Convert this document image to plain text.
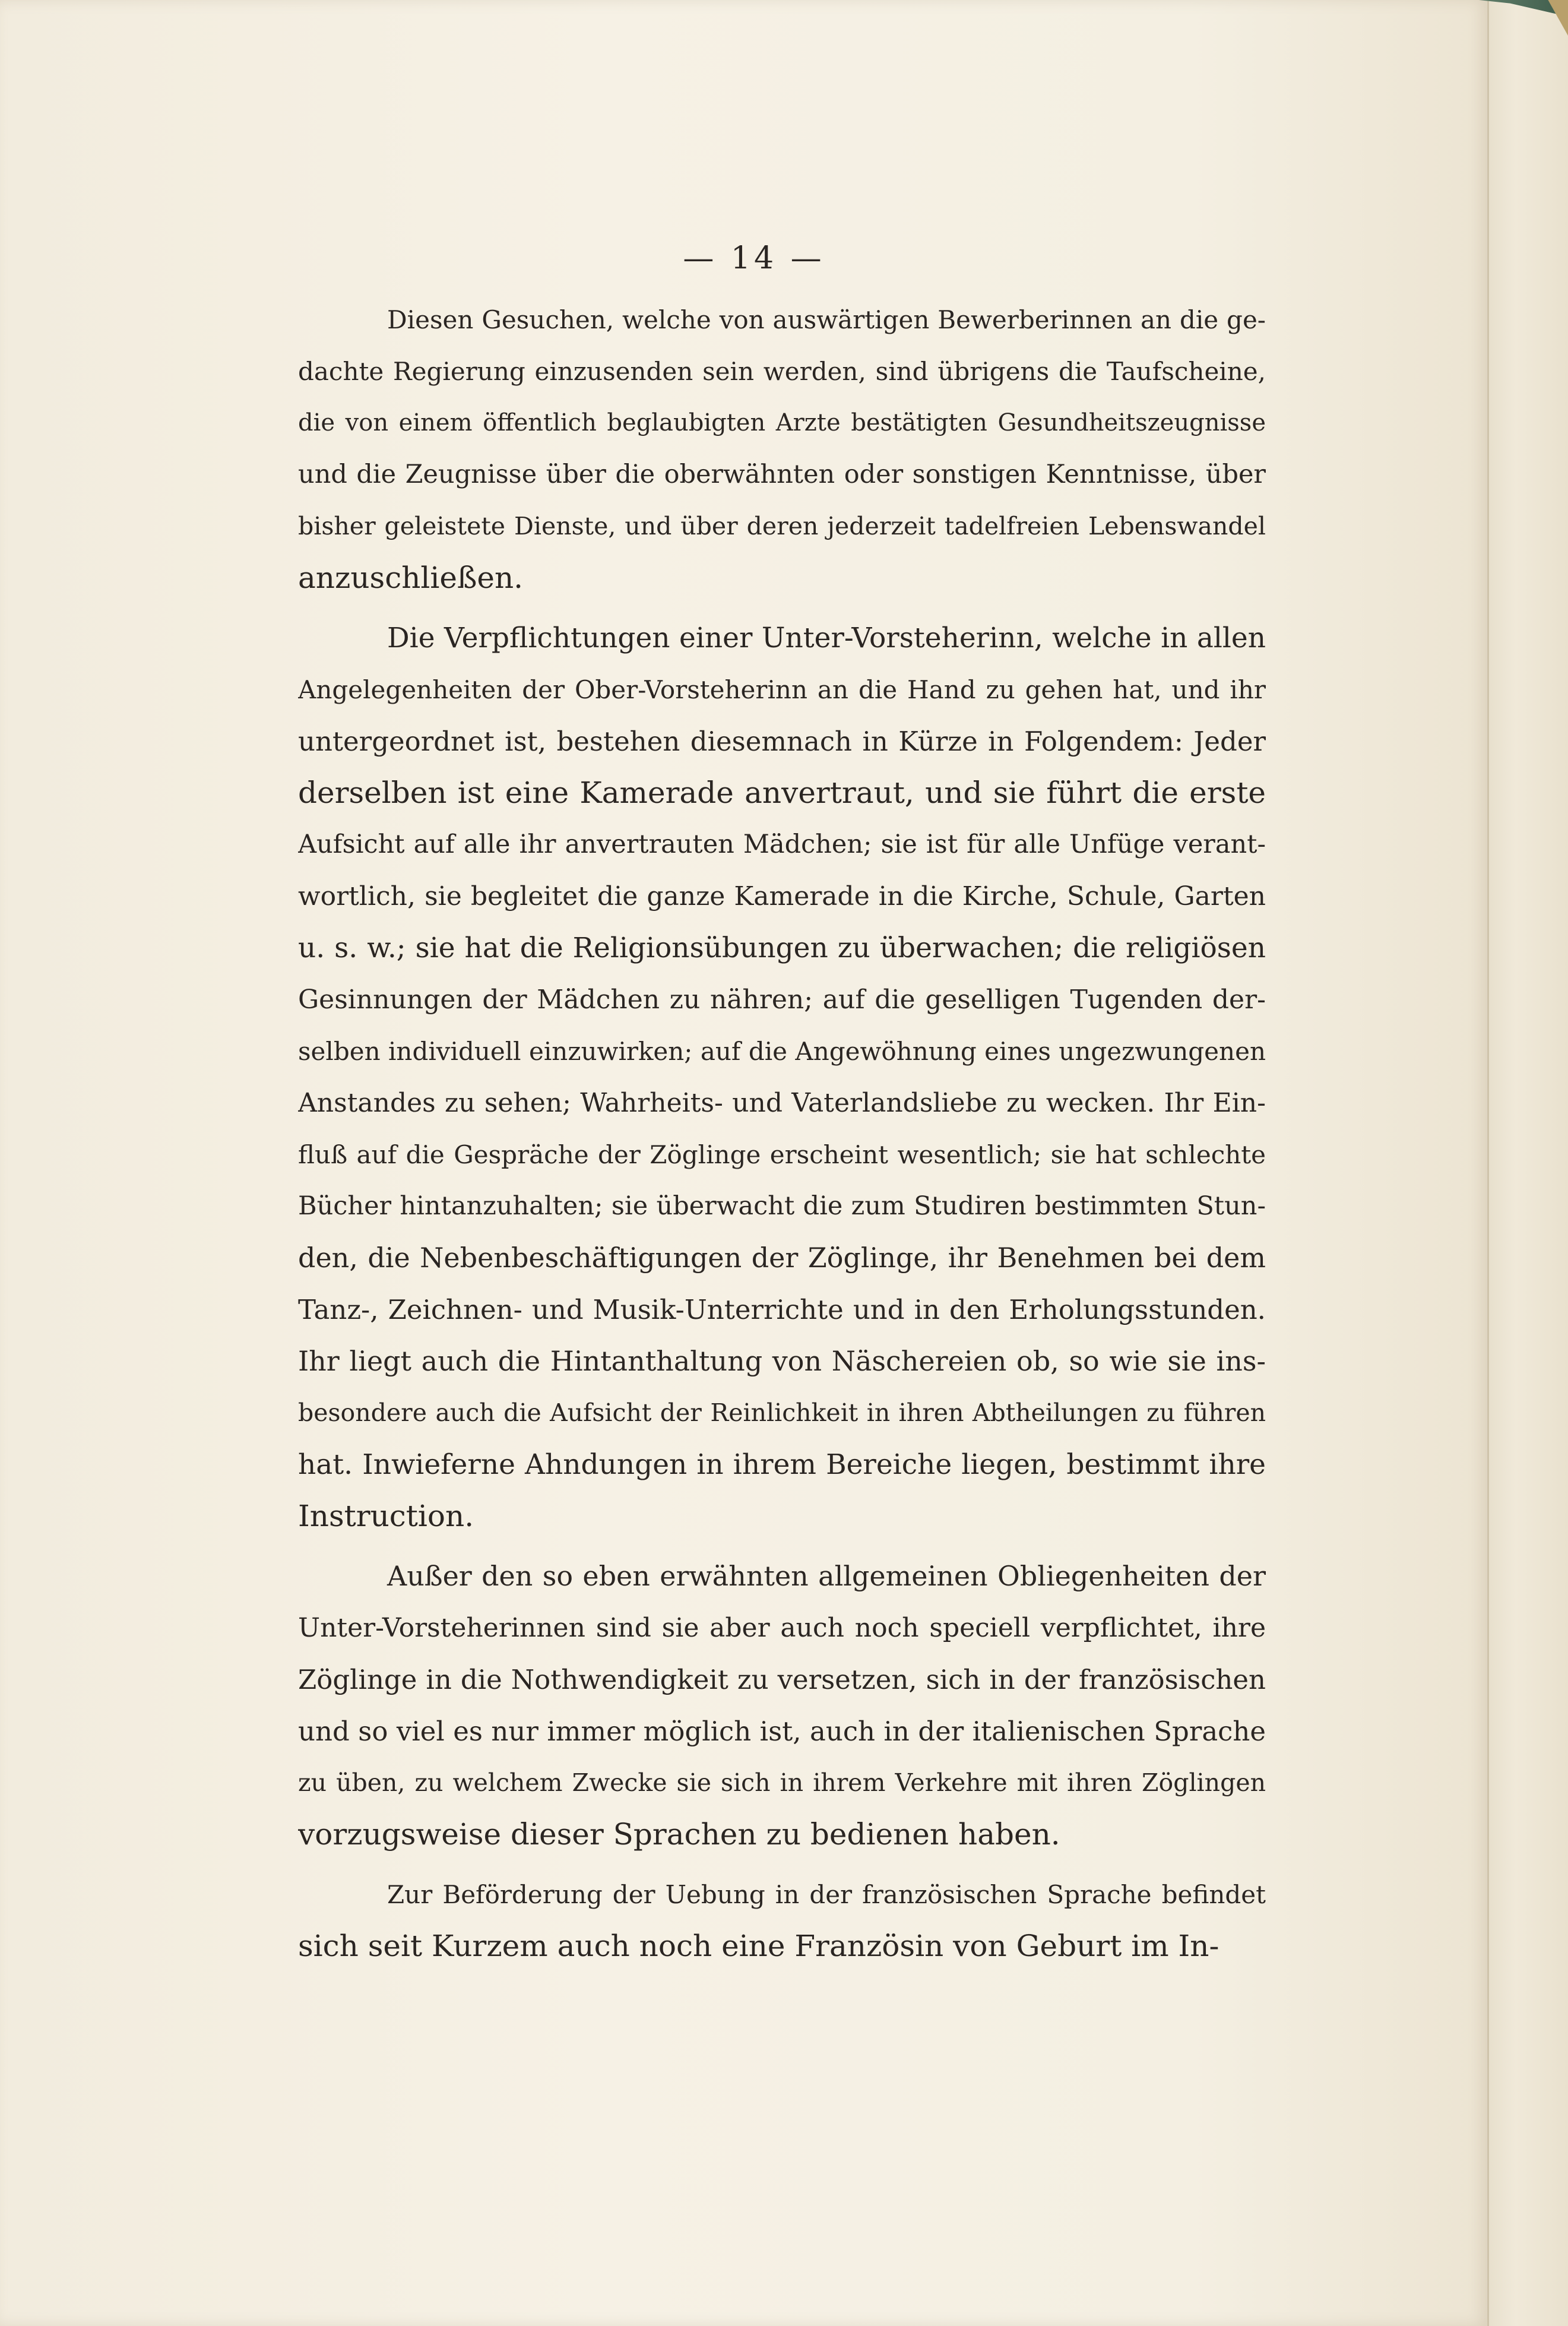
— 14 —
Diesen Gesuchen, welche von auswärtigen Bewerberinnen an die ge-
dachte Regierung einzusenden sein werden, sind übrigens die Taufscheine,
die von einem öffentlich beglaubigten Arzte bestätigten Gesundheitszeugnisse
und die Zeugnisse über die oberwähnten oder sonstigen Kenntnisse, über
bisher geleistete Dienste, und über deren jederzeit tadelfreien Lebenswandel
anzuschließen.
Die Verpflichtungen einer Unter-Vorsteherinn, welche in allen
Angelegenheiten der Ober-Vorsteherinn an die Hand zu gehen hat, und ihr
untergeordnet ist, bestehen diesemnach in Kürze in Folgendem: Jeder
derselben ist eine Kamerade anvertraut, und sie führt die erste
Aufsicht auf alle ihr anvertrauten Mädchen; sie ist für alle Unfüge verant-
wortlich, sie begleitet die ganze Kamerade in die Kirche, Schule, Garten
u. s. w.; sie hat die Religionsübungen zu überwachen; die religiösen
Gesinnungen der Mädchen zu nähren; auf die geselligen Tugenden der-
selben individuell einzuwirken; auf die Angewöhnung eines ungezwungenen
Anstandes zu sehen; Wahrheits- und Vaterlandsliebe zu wecken. Ihr Ein-
fluß auf die Gespräche der Zöglinge erscheint wesentlich; sie hat schlechte
Bücher hintanzuhalten; sie überwacht die zum Studiren bestimmten Stun-
den, die Nebenbeschäftigungen der Zöglinge, ihr Benehmen bei dem
Tanz-, Zeichnen- und Musik-Unterrichte und in den Erholungsstunden.
Ihr liegt auch die Hintanthaltung von Näschereien ob, so wie sie ins-
besondere auch die Aufsicht der Reinlichkeit in ihren Abtheilungen zu führen
hat. Inwieferne Ahndungen in ihrem Bereiche liegen, bestimmt ihre
Instruction.
Außer den so eben erwähnten allgemeinen Obliegenheiten der
Unter-Vorsteherinnen sind sie aber auch noch speciell verpflichtet, ihre
Zöglinge in die Nothwendigkeit zu versetzen, sich in der französischen
und so viel es nur immer möglich ist, auch in der italienischen Sprache
zu üben, zu welchem Zwecke sie sich in ihrem Verkehre mit ihren Zöglingen
vorzugsweise dieser Sprachen zu bedienen haben.
Zur Beförderung der Uebung in der französischen Sprache befindet
sich seit Kurzem auch noch eine Französin von Geburt im In-
